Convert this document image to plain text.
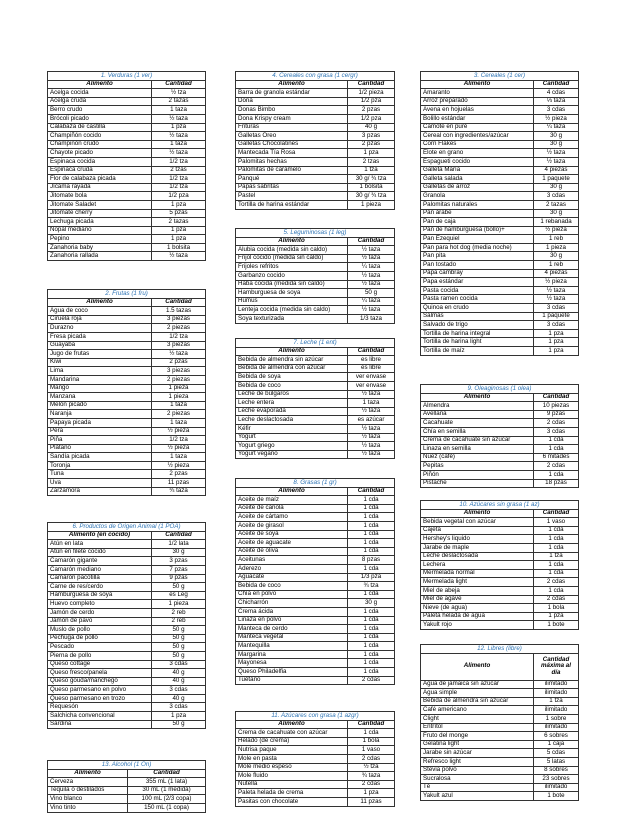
1. Verduras (1 ver)	
Alimento	Cantidad
Acelga cocida	½ tza
Acelga cruda	2 tazas
Berro crudo	1 taza
Brócoli picado	½ taza
Calabaza de castilla	1 pza
Champiñón cocido	½ taza
Champiñón crudo	1 taza
Chayote picado	½ taza
Espinaca cocida	1/2 tza
Espinaca cruda	2 tzas
Flor de calabaza picada	1/2 tza
Jícama rayada	1/2 tza
Jitomate bola	1/2 pza
Jitomate Saladet	1 pza
Jitomate cherry	5 pzas
Lechuga picada	2 tazas
Nopal mediano	1 pza
Pepino	1 pza
Zanahoria baby	1 bolsita
Zanahoria rallada	½ taza
2. Frutas (1 fru)	
Alimento	Cantidad
Agua de coco	1.5 tazas
Ciruela roja	3 piezas
Durazno	2 piezas
Fresa picada	1/2 tza
Guayaba	3 piezas
Jugo de frutas	½ taza
Kiwi	2 pzas
Lima	3 piezas
Mandarina	2 piezas
Mango	1 pieza
Manzana	1 pieza
Melón picado	1 taza
Naranja	2 piezas
Papaya picada	1 taza
Pera	½ pieza
Piña	1/2 tza
Plátano	½ pieza
Sandía picada	1 taza
Toronja	½ pieza
Tuna	2 pzas
Uva	11 pzas
Zarzamora	¾ taza
6. Productos de Origen Animal (1 POA)	
Alimento (en cocido)	Cantidad
Atún en lata	1/2 lata
Atún en filete cocido	30 g
Camarón gigante	3 pzas
Camarón mediano	7 pzas
Camarón pacotilla	9 pzas
Carne de res/cerdo	50 g
Hamburguesa de soya	es Leg
Huevo completo	1 pieza
Jamón de cerdo	2 reb
Jamón de pavo	2 reb
Muslo de pollo	50 g
Pechuga de pollo	50 g
Pescado	50 g
Pierna de pollo	50 g
Queso cottage	3 cdas
Queso fresco/panela	40 g
Queso gouda/manchego	40 g
Queso parmesano en polvo	3 cdas
Queso parmesano en trozo	40 g
Requesón	3 cdas
Salchicha convencional	1 pza
Sardina	50 g
13. Alcohol (1 On)	
Alimento	Cantidad
Cerveza	355 mL (1 lata)
Tequila o destilados	30 mL (1 medida)
Vino blanco	100 mL (2/3 copa)
Vino tinto	150 mL (1 copa)
4. Cereales con grasa (1 cergr)	
Alimento	Cantidad
Barra de granola estándar	1/2 pieza
Dona	1/2 pza
Donas Bimbo	2 pzas
Dona Krispy cream	1/2 pza
Frituras	40 g
Galletas Oreo	3 pzas
Galletas Chocolatines	2 pzas
Mantecada Tía Rosa	1 pza
Palomitas hechas	2 tzas
Palomitas de caramelo	1 tza
Panqué	30 g/ ¾ tza
Papas sabritas	1 bolsita
Pastel	30 g/ ¾ tza
Tortilla de harina estándar	1 pieza
5. Leguminosas (1 leg)	
Alimento	Cantidad
Alubia cocida (medida sin caldo)	½ taza
Frijol cocido (medida sin caldo)	½ taza
Frijoles refritos	¼ taza
Garbanzo cocido	½ taza
Haba cocida (medida sin caldo)	½ taza
Hamburguesa de soya	50 g
Humus	¼ taza
Lenteja cocida (medida sin caldo)	½ taza
Soya texturizada	1/3 taza
7. Leche (1 ent)	
Alimento	Cantidad
Bebida de almendra sin azúcar	es libre
Bebida de almendra con azúcar	es libre
Bebida de soya	ver envase
Bebida de coco	ver envase
Leche de búlgaros	½ taza
Leche entera	1 taza
Leche evaporada	½ taza
Leche deslactosada	es azúcar
Kéfir	½ taza
Yogurt	½ taza
Yogurt griego	½ taza
Yogurt vegano	½ taza
8. Grasas (1 gr)	
Alimento	Cantidad
Aceite de maíz	1 cda
Aceite de canola	1 cda
Aceite de cártamo	1 cda
Aceite de girasol	1 cda
Aceite de soya	1 cda
Aceite de aguacate	1 cda
Aceite de oliva	1 cda
Aceitunas	8 pzas
Aderezo	1 cda
Aguacate	1/3 pza
Bebida de coco	¾ tza
Chía en polvo	1 cda
Chicharrón	30 g
Crema ácida	1 cda
Linaza en polvo	1 cda
Manteca de cerdo	1 cda
Manteca vegetal	1 cda
Mantequilla	1 cda
Margarina	1 cda
Mayonesa	1 cda
Queso Philadelfia	1 cda
Tuétano	2 cdas
11. Azúcares con grasa (1 azgr)	
Alimento	Cantidad
Crema de cacahuate con azúcar	1 cda
Helado (de crema)	1 bola
Nutrisa paque	1 vaso
Mole en pasta	2 cdas
Mole medio espeso	½ tza
Mole fluido	¾ taza
Nutella	2 cdas
Paleta helada de crema	1 pza
Pasitas con chocolate	11 pzas
3. Cereales (1 cer)	
Alimento	Cantidad
Amaranto	4 cdas
Arroz preparado	⅓ taza
Avena en hojuelas	3 cdas
Bolillo estándar	½ pieza
Camote en puré	¼ taza
Cereal con ingredientes/azúcar	30 g
Corn Flakes	30 g
Elote en grano	½ taza
Espagueti cocido	½ taza
Galleta María	4 piezas
Galleta salada	1 paquete
Galletas de arroz	30 g
Granola	3 cdas
Palomitas naturales	2 tazas
Pan árabe	30 g
Pan de caja	1 rebanada
Pan de hamburguesa (bollo)+	½ pieza
Pan Ezequiel	1 reb
Pan para hot dog (media noche)	1 pieza
Pan pita	30 g
Pan tostado	1 reb
Papa cambray	4 piezas
Papa estándar	½ pieza
Pasta cocida	½ taza
Pasta ramen cocida	½ taza
Quinoa en crudo	3 cdas
Salmas	1 paquete
Salvado de trigo	3 cdas
Tortilla de harina integral	1 pza
Tortilla de harina light	1 pza
Tortilla de maíz	1 pza
9. Oleaginosas (1 olea)	
Alimento	Cantidad
Almendra	10 piezas
Avellana	9 pzas
Cacahuate	2 cdas
Chía en semilla	3 cdas
Crema de cacahuate sin azúcar	1 cda
Linaza en semilla	1 cda
Nuez (café)	6 mitades
Pepitas	2 cdas
Piñón	1 cda
Pistache	18 pzas
10. Azúcares sin grasa (1 az)	
Alimento	Cantidad
Bebida vegetal con azúcar	1 vaso
Cajeta	1 cda
Hershey's liquido	1 cda
Jarabe de maple	1 cda
Leche deslactosada	1 tza
Lechera	1 cda
Mermelada normal	1 cda
Mermelada light	2 cdas
Miel de abeja	1 cda
Miel de agave	2 cdas
Nieve (de agua)	1 bola
Paleta helada de agua	1 pza
Yakult rojo	1 bote
12. Libres (libre)	
Alimento	Cantidad máxima al día
Agua de jamaica sin azúcar	ilimitado
Agua simple	ilimitado
Bebida de almendra sin azúcar	1 tza
Café americano	ilimitado
Clight	1 sobre
Entrítol	ilimitado
Fruto del monge	6 sobres
Gelatina light	1 caja
Jarabe sin azúcar	5 cdas
Refresco light	5 latas
Stevia polvo	8 sobres
Sucralosa	23 sobres
Té	ilimitado
Yakult azul	1 bote
